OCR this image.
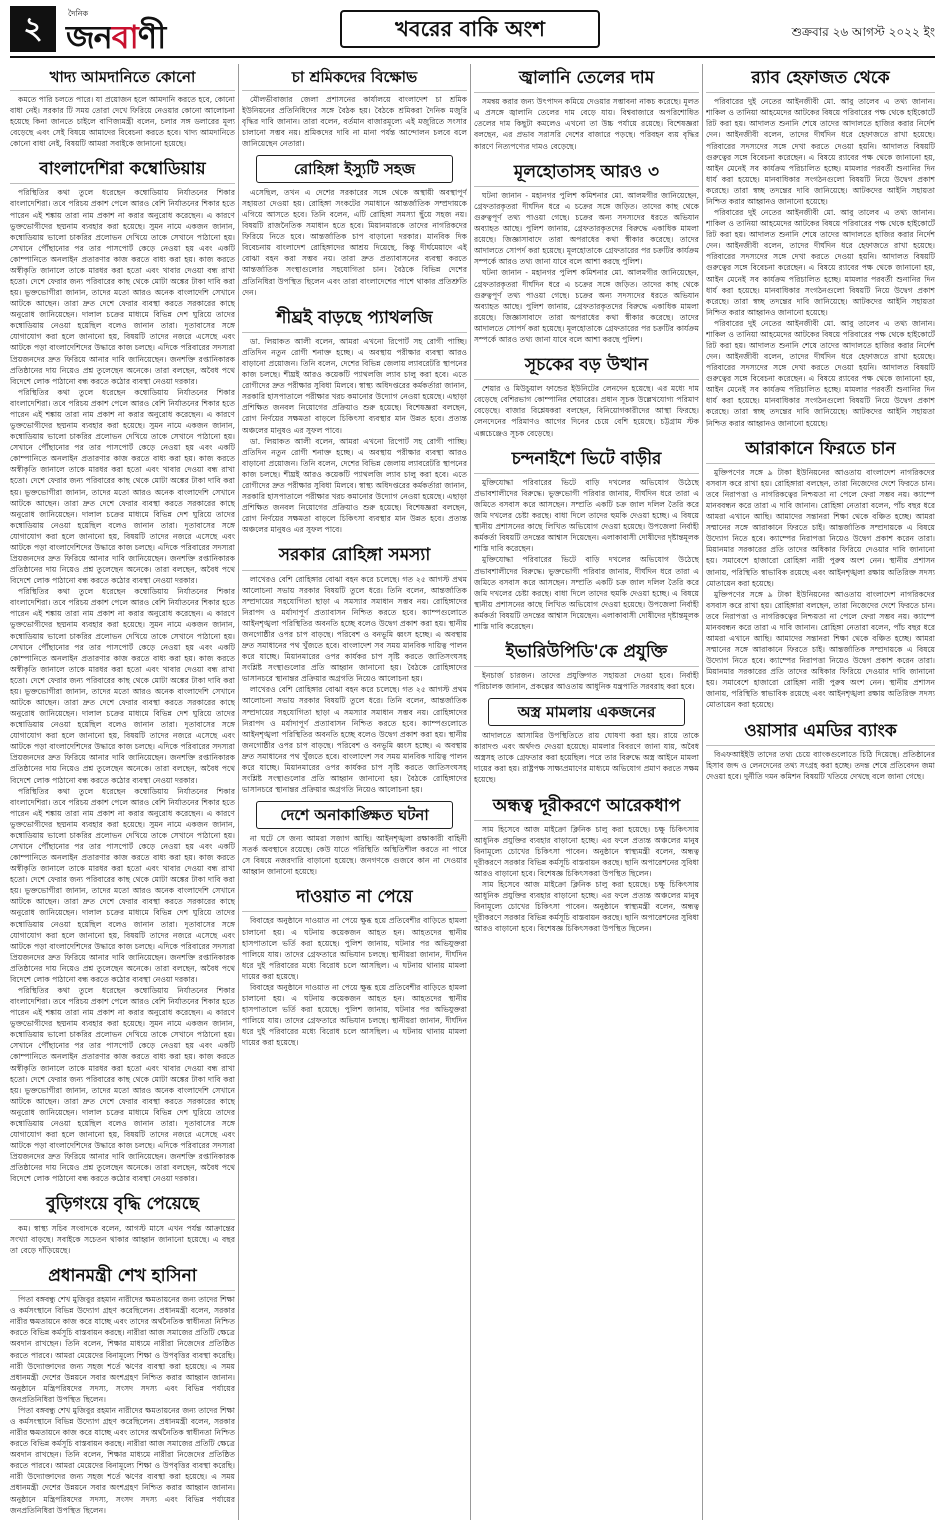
২	দৈনিক
জনবাণী	খবরের বাকি অংশ	শুক্রবার ২৬ আগস্ট ২০২২ ইং
খাদ্য আমদানিতে কোনো

কমতে পারি চলতে পারে। যা প্রয়োজন হলে আমদানি করতে হবে, কোনো বাধা নেই। সরকার টি সময় তোরা দেখে ফিরিয়ে নেওয়ার কোনো আলোচনা হয়েছে কিনা জানতে চাইলে বাণিজ্যমন্ত্রী বলেন, চলার সঙ্গ ডলারের মূল্য বেড়েছে এবং সেই বিষয়ে আমাদের বিবেচনা করতে হবে। খাদ্য আমদানিতে কোনো বাধা নেই, বিষয়টি আমরা সবাইকে জানানো হয়েছে।

বাংলাদেশিরা কম্বোডিয়ায়

পরিস্থিতির কথা তুলে ধরেছেন কম্বোডিয়ায় নির্যাতনের শিকার বাংলাদেশিরা। তবে পরিচয় প্রকাশ পেলে আরও বেশি নির্যাতনের শিকার হতে পারেন এই শঙ্কায় তারা নাম প্রকাশ না করার অনুরোধ করেছেন। এ কারণে ভুক্তভোগীদের ছদ্মনাম ব্যবহার করা হয়েছে। সুমন নামে একজন জানান, কম্বোডিয়ায় ভালো চাকরির প্রলোভন দেখিয়ে তাকে সেখানে পাঠানো হয়। সেখানে পৌঁছানোর পর তার পাসপোর্ট কেড়ে নেওয়া হয় এবং একটি কোম্পানিতে অনলাইন প্রতারণার কাজ করতে বাধ্য করা হয়। কাজ করতে অস্বীকৃতি জানালে তাকে মারধর করা হতো এবং খাবার দেওয়া বন্ধ রাখা হতো। দেশে ফেরার জন্য পরিবারের কাছ থেকে মোটা অঙ্কের টাকা দাবি করা হয়। ভুক্তভোগীরা জানান, তাদের মতো আরও অনেক বাংলাদেশি সেখানে আটকে আছেন। তারা দ্রুত দেশে ফেরার ব্যবস্থা করতে সরকারের কাছে অনুরোধ জানিয়েছেন। দালাল চক্রের মাধ্যমে বিভিন্ন দেশ ঘুরিয়ে তাদের কম্বোডিয়ায় নেওয়া হয়েছিল বলেও জানান তারা। দূতাবাসের সঙ্গে যোগাযোগ করা হলে জানানো হয়, বিষয়টি তাদের নজরে এসেছে এবং আটকে পড়া বাংলাদেশিদের উদ্ধারে কাজ চলছে। এদিকে পরিবারের সদস্যরা প্রিয়জনদের দ্রুত ফিরিয়ে আনার দাবি জানিয়েছেন। জনশক্তি রপ্তানিকারক প্রতিষ্ঠানের দায় নিয়েও প্রশ্ন তুলেছেন অনেকে। তারা বলছেন, অবৈধ পথে বিদেশে লোক পাঠানো বন্ধ করতে কঠোর ব্যবস্থা নেওয়া দরকার।

পরিস্থিতির কথা তুলে ধরেছেন কম্বোডিয়ায় নির্যাতনের শিকার বাংলাদেশিরা। তবে পরিচয় প্রকাশ পেলে আরও বেশি নির্যাতনের শিকার হতে পারেন এই শঙ্কায় তারা নাম প্রকাশ না করার অনুরোধ করেছেন। এ কারণে ভুক্তভোগীদের ছদ্মনাম ব্যবহার করা হয়েছে। সুমন নামে একজন জানান, কম্বোডিয়ায় ভালো চাকরির প্রলোভন দেখিয়ে তাকে সেখানে পাঠানো হয়। সেখানে পৌঁছানোর পর তার পাসপোর্ট কেড়ে নেওয়া হয় এবং একটি কোম্পানিতে অনলাইন প্রতারণার কাজ করতে বাধ্য করা হয়। কাজ করতে অস্বীকৃতি জানালে তাকে মারধর করা হতো এবং খাবার দেওয়া বন্ধ রাখা হতো। দেশে ফেরার জন্য পরিবারের কাছ থেকে মোটা অঙ্কের টাকা দাবি করা হয়। ভুক্তভোগীরা জানান, তাদের মতো আরও অনেক বাংলাদেশি সেখানে আটকে আছেন। তারা দ্রুত দেশে ফেরার ব্যবস্থা করতে সরকারের কাছে অনুরোধ জানিয়েছেন। দালাল চক্রের মাধ্যমে বিভিন্ন দেশ ঘুরিয়ে তাদের কম্বোডিয়ায় নেওয়া হয়েছিল বলেও জানান তারা। দূতাবাসের সঙ্গে যোগাযোগ করা হলে জানানো হয়, বিষয়টি তাদের নজরে এসেছে এবং আটকে পড়া বাংলাদেশিদের উদ্ধারে কাজ চলছে। এদিকে পরিবারের সদস্যরা প্রিয়জনদের দ্রুত ফিরিয়ে আনার দাবি জানিয়েছেন। জনশক্তি রপ্তানিকারক প্রতিষ্ঠানের দায় নিয়েও প্রশ্ন তুলেছেন অনেকে। তারা বলছেন, অবৈধ পথে বিদেশে লোক পাঠানো বন্ধ করতে কঠোর ব্যবস্থা নেওয়া দরকার।

পরিস্থিতির কথা তুলে ধরেছেন কম্বোডিয়ায় নির্যাতনের শিকার বাংলাদেশিরা। তবে পরিচয় প্রকাশ পেলে আরও বেশি নির্যাতনের শিকার হতে পারেন এই শঙ্কায় তারা নাম প্রকাশ না করার অনুরোধ করেছেন। এ কারণে ভুক্তভোগীদের ছদ্মনাম ব্যবহার করা হয়েছে। সুমন নামে একজন জানান, কম্বোডিয়ায় ভালো চাকরির প্রলোভন দেখিয়ে তাকে সেখানে পাঠানো হয়। সেখানে পৌঁছানোর পর তার পাসপোর্ট কেড়ে নেওয়া হয় এবং একটি কোম্পানিতে অনলাইন প্রতারণার কাজ করতে বাধ্য করা হয়। কাজ করতে অস্বীকৃতি জানালে তাকে মারধর করা হতো এবং খাবার দেওয়া বন্ধ রাখা হতো। দেশে ফেরার জন্য পরিবারের কাছ থেকে মোটা অঙ্কের টাকা দাবি করা হয়। ভুক্তভোগীরা জানান, তাদের মতো আরও অনেক বাংলাদেশি সেখানে আটকে আছেন। তারা দ্রুত দেশে ফেরার ব্যবস্থা করতে সরকারের কাছে অনুরোধ জানিয়েছেন। দালাল চক্রের মাধ্যমে বিভিন্ন দেশ ঘুরিয়ে তাদের কম্বোডিয়ায় নেওয়া হয়েছিল বলেও জানান তারা। দূতাবাসের সঙ্গে যোগাযোগ করা হলে জানানো হয়, বিষয়টি তাদের নজরে এসেছে এবং আটকে পড়া বাংলাদেশিদের উদ্ধারে কাজ চলছে। এদিকে পরিবারের সদস্যরা প্রিয়জনদের দ্রুত ফিরিয়ে আনার দাবি জানিয়েছেন। জনশক্তি রপ্তানিকারক প্রতিষ্ঠানের দায় নিয়েও প্রশ্ন তুলেছেন অনেকে। তারা বলছেন, অবৈধ পথে বিদেশে লোক পাঠানো বন্ধ করতে কঠোর ব্যবস্থা নেওয়া দরকার।

পরিস্থিতির কথা তুলে ধরেছেন কম্বোডিয়ায় নির্যাতনের শিকার বাংলাদেশিরা। তবে পরিচয় প্রকাশ পেলে আরও বেশি নির্যাতনের শিকার হতে পারেন এই শঙ্কায় তারা নাম প্রকাশ না করার অনুরোধ করেছেন। এ কারণে ভুক্তভোগীদের ছদ্মনাম ব্যবহার করা হয়েছে। সুমন নামে একজন জানান, কম্বোডিয়ায় ভালো চাকরির প্রলোভন দেখিয়ে তাকে সেখানে পাঠানো হয়। সেখানে পৌঁছানোর পর তার পাসপোর্ট কেড়ে নেওয়া হয় এবং একটি কোম্পানিতে অনলাইন প্রতারণার কাজ করতে বাধ্য করা হয়। কাজ করতে অস্বীকৃতি জানালে তাকে মারধর করা হতো এবং খাবার দেওয়া বন্ধ রাখা হতো। দেশে ফেরার জন্য পরিবারের কাছ থেকে মোটা অঙ্কের টাকা দাবি করা হয়। ভুক্তভোগীরা জানান, তাদের মতো আরও অনেক বাংলাদেশি সেখানে আটকে আছেন। তারা দ্রুত দেশে ফেরার ব্যবস্থা করতে সরকারের কাছে অনুরোধ জানিয়েছেন। দালাল চক্রের মাধ্যমে বিভিন্ন দেশ ঘুরিয়ে তাদের কম্বোডিয়ায় নেওয়া হয়েছিল বলেও জানান তারা। দূতাবাসের সঙ্গে যোগাযোগ করা হলে জানানো হয়, বিষয়টি তাদের নজরে এসেছে এবং আটকে পড়া বাংলাদেশিদের উদ্ধারে কাজ চলছে। এদিকে পরিবারের সদস্যরা প্রিয়জনদের দ্রুত ফিরিয়ে আনার দাবি জানিয়েছেন। জনশক্তি রপ্তানিকারক প্রতিষ্ঠানের দায় নিয়েও প্রশ্ন তুলেছেন অনেকে। তারা বলছেন, অবৈধ পথে বিদেশে লোক পাঠানো বন্ধ করতে কঠোর ব্যবস্থা নেওয়া দরকার।

পরিস্থিতির কথা তুলে ধরেছেন কম্বোডিয়ায় নির্যাতনের শিকার বাংলাদেশিরা। তবে পরিচয় প্রকাশ পেলে আরও বেশি নির্যাতনের শিকার হতে পারেন এই শঙ্কায় তারা নাম প্রকাশ না করার অনুরোধ করেছেন। এ কারণে ভুক্তভোগীদের ছদ্মনাম ব্যবহার করা হয়েছে। সুমন নামে একজন জানান, কম্বোডিয়ায় ভালো চাকরির প্রলোভন দেখিয়ে তাকে সেখানে পাঠানো হয়। সেখানে পৌঁছানোর পর তার পাসপোর্ট কেড়ে নেওয়া হয় এবং একটি কোম্পানিতে অনলাইন প্রতারণার কাজ করতে বাধ্য করা হয়। কাজ করতে অস্বীকৃতি জানালে তাকে মারধর করা হতো এবং খাবার দেওয়া বন্ধ রাখা হতো। দেশে ফেরার জন্য পরিবারের কাছ থেকে মোটা অঙ্কের টাকা দাবি করা হয়। ভুক্তভোগীরা জানান, তাদের মতো আরও অনেক বাংলাদেশি সেখানে আটকে আছেন। তারা দ্রুত দেশে ফেরার ব্যবস্থা করতে সরকারের কাছে অনুরোধ জানিয়েছেন। দালাল চক্রের মাধ্যমে বিভিন্ন দেশ ঘুরিয়ে তাদের কম্বোডিয়ায় নেওয়া হয়েছিল বলেও জানান তারা। দূতাবাসের সঙ্গে যোগাযোগ করা হলে জানানো হয়, বিষয়টি তাদের নজরে এসেছে এবং আটকে পড়া বাংলাদেশিদের উদ্ধারে কাজ চলছে। এদিকে পরিবারের সদস্যরা প্রিয়জনদের দ্রুত ফিরিয়ে আনার দাবি জানিয়েছেন। জনশক্তি রপ্তানিকারক প্রতিষ্ঠানের দায় নিয়েও প্রশ্ন তুলেছেন অনেকে। তারা বলছেন, অবৈধ পথে বিদেশে লোক পাঠানো বন্ধ করতে কঠোর ব্যবস্থা নেওয়া দরকার।

বুড়িগংয়ে বৃদ্ধি পেয়েছে

কম। স্বাস্থ্য সচিব সংবাদকে বলেন, আগস্ট মাসে এখন পর্যন্ত আক্রান্তের সংখ্যা বাড়ছে। সবাইকে সচেতন থাকার আহ্বান জানানো হয়েছে। এ বছর তা বেড়ে দাঁড়িয়েছে।

প্রধানমন্ত্রী শেখ হাসিনা

পিতা বঙ্গবন্ধু শেখ মুজিবুর রহমান নারীদের ক্ষমতায়নের জন্য তাদের শিক্ষা ও কর্মসংস্থানে বিভিন্ন উদ্যোগ গ্রহণ করেছিলেন। প্রধানমন্ত্রী বলেন, সরকার নারীর ক্ষমতায়নে কাজ করে যাচ্ছে এবং তাদের অর্থনৈতিক স্বাধীনতা নিশ্চিত করতে বিভিন্ন কর্মসূচি বাস্তবায়ন করছে। নারীরা আজ সমাজের প্রতিটি ক্ষেত্রে অবদান রাখছেন। তিনি বলেন, শিক্ষার মাধ্যমে নারীরা নিজেদের প্রতিষ্ঠিত করতে পারবে। আমরা মেয়েদের বিনামূল্যে শিক্ষা ও উপবৃত্তির ব্যবস্থা করেছি। নারী উদ্যোক্তাদের জন্য সহজ শর্তে ঋণের ব্যবস্থা করা হয়েছে। এ সময় প্রধানমন্ত্রী দেশের উন্নয়নে সবার অংশগ্রহণ নিশ্চিত করার আহ্বান জানান। অনুষ্ঠানে মন্ত্রিপরিষদের সদস্য, সংসদ সদস্য এবং বিভিন্ন পর্যায়ের জনপ্রতিনিধিরা উপস্থিত ছিলেন।

পিতা বঙ্গবন্ধু শেখ মুজিবুর রহমান নারীদের ক্ষমতায়নের জন্য তাদের শিক্ষা ও কর্মসংস্থানে বিভিন্ন উদ্যোগ গ্রহণ করেছিলেন। প্রধানমন্ত্রী বলেন, সরকার নারীর ক্ষমতায়নে কাজ করে যাচ্ছে এবং তাদের অর্থনৈতিক স্বাধীনতা নিশ্চিত করতে বিভিন্ন কর্মসূচি বাস্তবায়ন করছে। নারীরা আজ সমাজের প্রতিটি ক্ষেত্রে অবদান রাখছেন। তিনি বলেন, শিক্ষার মাধ্যমে নারীরা নিজেদের প্রতিষ্ঠিত করতে পারবে। আমরা মেয়েদের বিনামূল্যে শিক্ষা ও উপবৃত্তির ব্যবস্থা করেছি। নারী উদ্যোক্তাদের জন্য সহজ শর্তে ঋণের ব্যবস্থা করা হয়েছে। এ সময় প্রধানমন্ত্রী দেশের উন্নয়নে সবার অংশগ্রহণ নিশ্চিত করার আহ্বান জানান। অনুষ্ঠানে মন্ত্রিপরিষদের সদস্য, সংসদ সদস্য এবং বিভিন্ন পর্যায়ের জনপ্রতিনিধিরা উপস্থিত ছিলেন।

চা শ্রমিকদের বিক্ষোভ

মৌলভীবাজার জেলা প্রশাসনের কার্যালয়ে বাংলাদেশ চা শ্রমিক ইউনিয়নের প্রতিনিধিদের সঙ্গে বৈঠক হয়। বৈঠকে শ্রমিকরা দৈনিক মজুরি বৃদ্ধির দাবি জানান। তারা বলেন, বর্তমান বাজারমূল্যে এই মজুরিতে সংসার চালানো সম্ভব নয়। শ্রমিকদের দাবি না মানা পর্যন্ত আন্দোলন চলবে বলে জানিয়েছেন নেতারা।

রোহিঙ্গা ইস্যুটি সহজ

এসেছিল, তখন এ দেশের সরকারের সঙ্গে থেকে অস্থায়ী অবস্থাপূর্ণ সহায়তা দেওয়া হয়। রোহিঙ্গা সংকটের সমাধানে আন্তর্জাতিক সম্প্রদায়কে এগিয়ে আসতে হবে। তিনি বলেন, এটি রোহিঙ্গা সমস্যা ছুঁয়ে সহজ নয়। বিষয়টি রাজনৈতিক সমাধান হতে হবে। মিয়ানমারকে তাদের নাগরিকদের ফিরিয়ে নিতে হবে। আন্তর্জাতিক চাপ বাড়ানো দরকার। মানবিক দিক বিবেচনায় বাংলাদেশ রোহিঙ্গাদের আশ্রয় দিয়েছে, কিন্তু দীর্ঘমেয়াদে এই বোঝা বহন করা সম্ভব নয়। তারা দ্রুত প্রত্যাবাসনের ব্যবস্থা করতে আন্তর্জাতিক সংস্থাগুলোর সহযোগিতা চান। বৈঠকে বিভিন্ন দেশের প্রতিনিধিরা উপস্থিত ছিলেন এবং তারা বাংলাদেশের পাশে থাকার প্রতিশ্রুতি দেন।

শীঘ্রই বাড়ছে প্যাথলজি

ডা. লিয়াকত আলী বলেন, আমরা এখনো রিপোর্ট সহ রোগী পাচ্ছি। প্রতিদিন নতুন রোগী শনাক্ত হচ্ছে। এ অবস্থায় পরীক্ষার ব্যবস্থা আরও বাড়ানো প্রয়োজন। তিনি বলেন, দেশের বিভিন্ন জেলায় ল্যাবরেটরি স্থাপনের কাজ চলছে। শীঘ্রই আরও কয়েকটি প্যাথলজি ল্যাব চালু করা হবে। এতে রোগীদের দ্রুত পরীক্ষার সুবিধা মিলবে। স্বাস্থ্য অধিদপ্তরের কর্মকর্তারা জানান, সরকারি হাসপাতালে পরীক্ষার খরচ কমানোর উদ্যোগ নেওয়া হয়েছে। এছাড়া প্রশিক্ষিত জনবল নিয়োগের প্রক্রিয়াও শুরু হয়েছে। বিশেষজ্ঞরা বলছেন, রোগ নির্ণয়ের সক্ষমতা বাড়লে চিকিৎসা ব্যবস্থার মান উন্নত হবে। প্রত্যন্ত অঞ্চলের মানুষও এর সুফল পাবে।

ডা. লিয়াকত আলী বলেন, আমরা এখনো রিপোর্ট সহ রোগী পাচ্ছি। প্রতিদিন নতুন রোগী শনাক্ত হচ্ছে। এ অবস্থায় পরীক্ষার ব্যবস্থা আরও বাড়ানো প্রয়োজন। তিনি বলেন, দেশের বিভিন্ন জেলায় ল্যাবরেটরি স্থাপনের কাজ চলছে। শীঘ্রই আরও কয়েকটি প্যাথলজি ল্যাব চালু করা হবে। এতে রোগীদের দ্রুত পরীক্ষার সুবিধা মিলবে। স্বাস্থ্য অধিদপ্তরের কর্মকর্তারা জানান, সরকারি হাসপাতালে পরীক্ষার খরচ কমানোর উদ্যোগ নেওয়া হয়েছে। এছাড়া প্রশিক্ষিত জনবল নিয়োগের প্রক্রিয়াও শুরু হয়েছে। বিশেষজ্ঞরা বলছেন, রোগ নির্ণয়ের সক্ষমতা বাড়লে চিকিৎসা ব্যবস্থার মান উন্নত হবে। প্রত্যন্ত অঞ্চলের মানুষও এর সুফল পাবে।

সরকার রোহিঙ্গা সমস্যা

লাখেরও বেশি রোহিঙ্গার বোঝা বহন করে চলেছে। গত ২৫ আগস্ট প্রথম আলোচনা সভায় সরকার বিষয়টি তুলে ধরে। তিনি বলেন, আন্তর্জাতিক সম্প্রদায়ের সহযোগিতা ছাড়া এ সমস্যার সমাধান সম্ভব নয়। রোহিঙ্গাদের নিরাপদ ও মর্যাদাপূর্ণ প্রত্যাবাসন নিশ্চিত করতে হবে। ক্যাম্পগুলোতে আইনশৃঙ্খলা পরিস্থিতির অবনতি হচ্ছে বলেও উদ্বেগ প্রকাশ করা হয়। স্থানীয় জনগোষ্ঠীর ওপর চাপ বাড়ছে। পরিবেশ ও বনভূমি ধ্বংস হচ্ছে। এ অবস্থায় দ্রুত সমাধানের পথ খুঁজতে হবে। বাংলাদেশ সব সময় মানবিক দায়িত্ব পালন করে যাচ্ছে। মিয়ানমারের ওপর কার্যকর চাপ সৃষ্টি করতে জাতিসংঘসহ সংশ্লিষ্ট সংস্থাগুলোর প্রতি আহ্বান জানানো হয়। বৈঠকে রোহিঙ্গাদের ভাসানচরে স্থানান্তর প্রক্রিয়ার অগ্রগতি নিয়েও আলোচনা হয়।

লাখেরও বেশি রোহিঙ্গার বোঝা বহন করে চলেছে। গত ২৫ আগস্ট প্রথম আলোচনা সভায় সরকার বিষয়টি তুলে ধরে। তিনি বলেন, আন্তর্জাতিক সম্প্রদায়ের সহযোগিতা ছাড়া এ সমস্যার সমাধান সম্ভব নয়। রোহিঙ্গাদের নিরাপদ ও মর্যাদাপূর্ণ প্রত্যাবাসন নিশ্চিত করতে হবে। ক্যাম্পগুলোতে আইনশৃঙ্খলা পরিস্থিতির অবনতি হচ্ছে বলেও উদ্বেগ প্রকাশ করা হয়। স্থানীয় জনগোষ্ঠীর ওপর চাপ বাড়ছে। পরিবেশ ও বনভূমি ধ্বংস হচ্ছে। এ অবস্থায় দ্রুত সমাধানের পথ খুঁজতে হবে। বাংলাদেশ সব সময় মানবিক দায়িত্ব পালন করে যাচ্ছে। মিয়ানমারের ওপর কার্যকর চাপ সৃষ্টি করতে জাতিসংঘসহ সংশ্লিষ্ট সংস্থাগুলোর প্রতি আহ্বান জানানো হয়। বৈঠকে রোহিঙ্গাদের ভাসানচরে স্থানান্তর প্রক্রিয়ার অগ্রগতি নিয়েও আলোচনা হয়।

দেশে অনাকাঙ্ক্ষিত ঘটনা

না ঘটে সে জন্য আমরা সজাগ আছি। আইনশৃঙ্খলা রক্ষাকারী বাহিনী সতর্ক অবস্থানে রয়েছে। কেউ যাতে পরিস্থিতি অস্থিতিশীল করতে না পারে সে বিষয়ে নজরদারি বাড়ানো হয়েছে। জনগণকে গুজবে কান না দেওয়ার আহ্বান জানানো হয়েছে।

দাওয়াত না পেয়ে

বিবাহের অনুষ্ঠানে দাওয়াত না পেয়ে ক্ষুব্ধ হয়ে প্রতিবেশীর বাড়িতে হামলা চালানো হয়। এ ঘটনায় কয়েকজন আহত হন। আহতদের স্থানীয় হাসপাতালে ভর্তি করা হয়েছে। পুলিশ জানায়, ঘটনার পর অভিযুক্তরা পালিয়ে যায়। তাদের গ্রেফতারে অভিযান চলছে। স্থানীয়রা জানান, দীর্ঘদিন ধরে দুই পরিবারের মধ্যে বিরোধ চলে আসছিল। এ ঘটনায় থানায় মামলা দায়ের করা হয়েছে।

বিবাহের অনুষ্ঠানে দাওয়াত না পেয়ে ক্ষুব্ধ হয়ে প্রতিবেশীর বাড়িতে হামলা চালানো হয়। এ ঘটনায় কয়েকজন আহত হন। আহতদের স্থানীয় হাসপাতালে ভর্তি করা হয়েছে। পুলিশ জানায়, ঘটনার পর অভিযুক্তরা পালিয়ে যায়। তাদের গ্রেফতারে অভিযান চলছে। স্থানীয়রা জানান, দীর্ঘদিন ধরে দুই পরিবারের মধ্যে বিরোধ চলে আসছিল। এ ঘটনায় থানায় মামলা দায়ের করা হয়েছে।

জ্বালানি তেলের দাম

সমন্বয় করার জন্য উৎপাদন কমিয়ে দেওয়ার সম্ভাবনা নাকচ করেছে। মূলত এ প্রসঙ্গে জ্বালানি তেলের দাম বেড়ে যায়। বিশ্ববাজারে অপরিশোধিত তেলের দাম কিছুটা কমলেও এখনো তা উচ্চ পর্যায়ে রয়েছে। বিশেষজ্ঞরা বলছেন, এর প্রভাব সরাসরি দেশের বাজারে পড়ছে। পরিবহন ব্যয় বৃদ্ধির কারণে নিত্যপণ্যের দামও বেড়েছে।

মূলহোতাসহ আরও ৩

ঘটনা জানান - মহানগর পুলিশ কমিশনার মো. আলমগীর জানিয়েছেন, গ্রেফতারকৃতরা দীর্ঘদিন ধরে এ চক্রের সঙ্গে জড়িত। তাদের কাছ থেকে গুরুত্বপূর্ণ তথ্য পাওয়া গেছে। চক্রের অন্য সদস্যদের ধরতে অভিযান অব্যাহত আছে। পুলিশ জানায়, গ্রেফতারকৃতদের বিরুদ্ধে একাধিক মামলা রয়েছে। জিজ্ঞাসাবাদে তারা অপরাধের কথা স্বীকার করেছে। তাদের আদালতে সোপর্দ করা হয়েছে। মূলহোতাকে গ্রেফতারের পর চক্রটির কার্যক্রম সম্পর্কে আরও তথ্য জানা যাবে বলে আশা করছে পুলিশ।

ঘটনা জানান - মহানগর পুলিশ কমিশনার মো. আলমগীর জানিয়েছেন, গ্রেফতারকৃতরা দীর্ঘদিন ধরে এ চক্রের সঙ্গে জড়িত। তাদের কাছ থেকে গুরুত্বপূর্ণ তথ্য পাওয়া গেছে। চক্রের অন্য সদস্যদের ধরতে অভিযান অব্যাহত আছে। পুলিশ জানায়, গ্রেফতারকৃতদের বিরুদ্ধে একাধিক মামলা রয়েছে। জিজ্ঞাসাবাদে তারা অপরাধের কথা স্বীকার করেছে। তাদের আদালতে সোপর্দ করা হয়েছে। মূলহোতাকে গ্রেফতারের পর চক্রটির কার্যক্রম সম্পর্কে আরও তথ্য জানা যাবে বলে আশা করছে পুলিশ।

সূচকের বড় উত্থান

শেয়ার ও মিউচুয়াল ফান্ডের ইউনিটের লেনদেন হয়েছে। এর মধ্যে দাম বেড়েছে বেশিরভাগ কোম্পানির শেয়ারের। প্রধান সূচক উল্লেখযোগ্য পরিমাণ বেড়েছে। বাজার বিশ্লেষকরা বলছেন, বিনিয়োগকারীদের আস্থা ফিরছে। লেনদেনের পরিমাণও আগের দিনের চেয়ে বেশি হয়েছে। চট্টগ্রাম স্টক এক্সচেঞ্জেও সূচক বেড়েছে।

চন্দনাইশে ভিটে বাড়ীর

মুক্তিযোদ্ধা পরিবারের ভিটে বাড়ি দখলের অভিযোগ উঠেছে প্রভাবশালীদের বিরুদ্ধে। ভুক্তভোগী পরিবার জানায়, দীর্ঘদিন ধরে তারা এ জমিতে বসবাস করে আসছেন। সম্প্রতি একটি চক্র জাল দলিল তৈরি করে জমি দখলের চেষ্টা করছে। বাধা দিলে তাদের হুমকি দেওয়া হচ্ছে। এ বিষয়ে স্থানীয় প্রশাসনের কাছে লিখিত অভিযোগ দেওয়া হয়েছে। উপজেলা নির্বাহী কর্মকর্তা বিষয়টি তদন্তের আশ্বাস দিয়েছেন। এলাকাবাসী দোষীদের দৃষ্টান্তমূলক শাস্তি দাবি করেছেন।

মুক্তিযোদ্ধা পরিবারের ভিটে বাড়ি দখলের অভিযোগ উঠেছে প্রভাবশালীদের বিরুদ্ধে। ভুক্তভোগী পরিবার জানায়, দীর্ঘদিন ধরে তারা এ জমিতে বসবাস করে আসছেন। সম্প্রতি একটি চক্র জাল দলিল তৈরি করে জমি দখলের চেষ্টা করছে। বাধা দিলে তাদের হুমকি দেওয়া হচ্ছে। এ বিষয়ে স্থানীয় প্রশাসনের কাছে লিখিত অভিযোগ দেওয়া হয়েছে। উপজেলা নির্বাহী কর্মকর্তা বিষয়টি তদন্তের আশ্বাস দিয়েছেন। এলাকাবাসী দোষীদের দৃষ্টান্তমূলক শাস্তি দাবি করেছেন।

ইভারিউপিডি'কে প্রযুক্তি

ইনচার্জ চারজন। তাদের প্রযুক্তিগত সহায়তা দেওয়া হবে। নির্বাহী পরিচালক জানান, প্রকল্পের আওতায় আধুনিক যন্ত্রপাতি সরবরাহ করা হবে।

অস্ত্র মামলায় একজনের

আদালতে আসামির উপস্থিতিতে রায় ঘোষণা করা হয়। রায়ে তাকে কারাদণ্ড এবং অর্থদণ্ড দেওয়া হয়েছে। মামলার বিবরণে জানা যায়, অবৈধ অস্ত্রসহ তাকে গ্রেফতার করা হয়েছিল। পরে তার বিরুদ্ধে অস্ত্র আইনে মামলা দায়ের করা হয়। রাষ্ট্রপক্ষ সাক্ষ্যপ্রমাণের মাধ্যমে অভিযোগ প্রমাণ করতে সক্ষম হয়েছে।

অন্ধত্ব দূরীকরণে আরেকধাপ

সাম হিসেবে আজ মাইক্রো ক্লিনিক চালু করা হয়েছে। চক্ষু চিকিৎসায় আধুনিক প্রযুক্তির ব্যবহার বাড়ানো হচ্ছে। এর ফলে প্রত্যন্ত অঞ্চলের মানুষ বিনামূল্যে চোখের চিকিৎসা পাবেন। অনুষ্ঠানে স্বাস্থ্যমন্ত্রী বলেন, অন্ধত্ব দূরীকরণে সরকার বিভিন্ন কর্মসূচি বাস্তবায়ন করছে। ছানি অপারেশনের সুবিধা আরও বাড়ানো হবে। বিশেষজ্ঞ চিকিৎসকরা উপস্থিত ছিলেন।

সাম হিসেবে আজ মাইক্রো ক্লিনিক চালু করা হয়েছে। চক্ষু চিকিৎসায় আধুনিক প্রযুক্তির ব্যবহার বাড়ানো হচ্ছে। এর ফলে প্রত্যন্ত অঞ্চলের মানুষ বিনামূল্যে চোখের চিকিৎসা পাবেন। অনুষ্ঠানে স্বাস্থ্যমন্ত্রী বলেন, অন্ধত্ব দূরীকরণে সরকার বিভিন্ন কর্মসূচি বাস্তবায়ন করছে। ছানি অপারেশনের সুবিধা আরও বাড়ানো হবে। বিশেষজ্ঞ চিকিৎসকরা উপস্থিত ছিলেন।

র‍্যাব হেফাজত থেকে

পরিবারের দুই নেতের আইনজীবী মো. আবু তালেব এ তথ্য জানান। শাকিল ও তানিয়া আহমেদের আটকের বিষয়ে পরিবারের পক্ষ থেকে হাইকোর্টে রিট করা হয়। আদালত শুনানি শেষে তাদের আদালতে হাজির করার নির্দেশ দেন। আইনজীবী বলেন, তাদের দীর্ঘদিন ধরে হেফাজতে রাখা হয়েছে। পরিবারের সদস্যদের সঙ্গে দেখা করতে দেওয়া হয়নি। আদালত বিষয়টি গুরুত্বের সঙ্গে বিবেচনা করেছেন। এ বিষয়ে র‍্যাবের পক্ষ থেকে জানানো হয়, আইন মেনেই সব কার্যক্রম পরিচালিত হচ্ছে। মামলার পরবর্তী শুনানির দিন ধার্য করা হয়েছে। মানবাধিকার সংগঠনগুলো বিষয়টি নিয়ে উদ্বেগ প্রকাশ করেছে। তারা স্বচ্ছ তদন্তের দাবি জানিয়েছে। আটকদের আইনি সহায়তা নিশ্চিত করার আহ্বানও জানানো হয়েছে।

পরিবারের দুই নেতের আইনজীবী মো. আবু তালেব এ তথ্য জানান। শাকিল ও তানিয়া আহমেদের আটকের বিষয়ে পরিবারের পক্ষ থেকে হাইকোর্টে রিট করা হয়। আদালত শুনানি শেষে তাদের আদালতে হাজির করার নির্দেশ দেন। আইনজীবী বলেন, তাদের দীর্ঘদিন ধরে হেফাজতে রাখা হয়েছে। পরিবারের সদস্যদের সঙ্গে দেখা করতে দেওয়া হয়নি। আদালত বিষয়টি গুরুত্বের সঙ্গে বিবেচনা করেছেন। এ বিষয়ে র‍্যাবের পক্ষ থেকে জানানো হয়, আইন মেনেই সব কার্যক্রম পরিচালিত হচ্ছে। মামলার পরবর্তী শুনানির দিন ধার্য করা হয়েছে। মানবাধিকার সংগঠনগুলো বিষয়টি নিয়ে উদ্বেগ প্রকাশ করেছে। তারা স্বচ্ছ তদন্তের দাবি জানিয়েছে। আটকদের আইনি সহায়তা নিশ্চিত করার আহ্বানও জানানো হয়েছে।

পরিবারের দুই নেতের আইনজীবী মো. আবু তালেব এ তথ্য জানান। শাকিল ও তানিয়া আহমেদের আটকের বিষয়ে পরিবারের পক্ষ থেকে হাইকোর্টে রিট করা হয়। আদালত শুনানি শেষে তাদের আদালতে হাজির করার নির্দেশ দেন। আইনজীবী বলেন, তাদের দীর্ঘদিন ধরে হেফাজতে রাখা হয়েছে। পরিবারের সদস্যদের সঙ্গে দেখা করতে দেওয়া হয়নি। আদালত বিষয়টি গুরুত্বের সঙ্গে বিবেচনা করেছেন। এ বিষয়ে র‍্যাবের পক্ষ থেকে জানানো হয়, আইন মেনেই সব কার্যক্রম পরিচালিত হচ্ছে। মামলার পরবর্তী শুনানির দিন ধার্য করা হয়েছে। মানবাধিকার সংগঠনগুলো বিষয়টি নিয়ে উদ্বেগ প্রকাশ করেছে। তারা স্বচ্ছ তদন্তের দাবি জানিয়েছে। আটকদের আইনি সহায়তা নিশ্চিত করার আহ্বানও জানানো হয়েছে।

আরাকানে ফিরতে চান

মুক্তিপণের সঙ্গে ৯ টাকা ইউনিয়নের আওতায় বাংলাদেশ নাগরিকদের বসবাস করে রাখা হয়। রোহিঙ্গারা বলছেন, তারা নিজেদের দেশে ফিরতে চান। তবে নিরাপত্তা ও নাগরিকত্বের নিশ্চয়তা না পেলে ফেরা সম্ভব নয়। ক্যাম্পে মানববন্ধন করে তারা এ দাবি জানান। রোহিঙ্গা নেতারা বলেন, পাঁচ বছর ধরে আমরা এখানে আছি। আমাদের সন্তানরা শিক্ষা থেকে বঞ্চিত হচ্ছে। আমরা সম্মানের সঙ্গে আরাকানে ফিরতে চাই। আন্তর্জাতিক সম্প্রদায়কে এ বিষয়ে উদ্যোগ নিতে হবে। ক্যাম্পের নিরাপত্তা নিয়েও উদ্বেগ প্রকাশ করেন তারা। মিয়ানমার সরকারের প্রতি তাদের অধিকার ফিরিয়ে দেওয়ার দাবি জানানো হয়। সমাবেশে হাজারো রোহিঙ্গা নারী পুরুষ অংশ নেন। স্থানীয় প্রশাসন জানায়, পরিস্থিতি স্বাভাবিক রয়েছে এবং আইনশৃঙ্খলা রক্ষায় অতিরিক্ত সদস্য মোতায়েন করা হয়েছে।

মুক্তিপণের সঙ্গে ৯ টাকা ইউনিয়নের আওতায় বাংলাদেশ নাগরিকদের বসবাস করে রাখা হয়। রোহিঙ্গারা বলছেন, তারা নিজেদের দেশে ফিরতে চান। তবে নিরাপত্তা ও নাগরিকত্বের নিশ্চয়তা না পেলে ফেরা সম্ভব নয়। ক্যাম্পে মানববন্ধন করে তারা এ দাবি জানান। রোহিঙ্গা নেতারা বলেন, পাঁচ বছর ধরে আমরা এখানে আছি। আমাদের সন্তানরা শিক্ষা থেকে বঞ্চিত হচ্ছে। আমরা সম্মানের সঙ্গে আরাকানে ফিরতে চাই। আন্তর্জাতিক সম্প্রদায়কে এ বিষয়ে উদ্যোগ নিতে হবে। ক্যাম্পের নিরাপত্তা নিয়েও উদ্বেগ প্রকাশ করেন তারা। মিয়ানমার সরকারের প্রতি তাদের অধিকার ফিরিয়ে দেওয়ার দাবি জানানো হয়। সমাবেশে হাজারো রোহিঙ্গা নারী পুরুষ অংশ নেন। স্থানীয় প্রশাসন জানায়, পরিস্থিতি স্বাভাবিক রয়েছে এবং আইনশৃঙ্খলা রক্ষায় অতিরিক্ত সদস্য মোতায়েন করা হয়েছে।

ওয়াসার এমডির ব্যাংক

বিএফআইইউ তাদের তথ্য চেয়ে ব্যাংকগুলোতে চিঠি দিয়েছে। প্রতিষ্ঠানের হিসাব জব্দ ও লেনদেনের তথ্য সংগ্রহ করা হচ্ছে। তদন্ত শেষে প্রতিবেদন জমা দেওয়া হবে। দুর্নীতি দমন কমিশন বিষয়টি খতিয়ে দেখছে বলে জানা গেছে।
